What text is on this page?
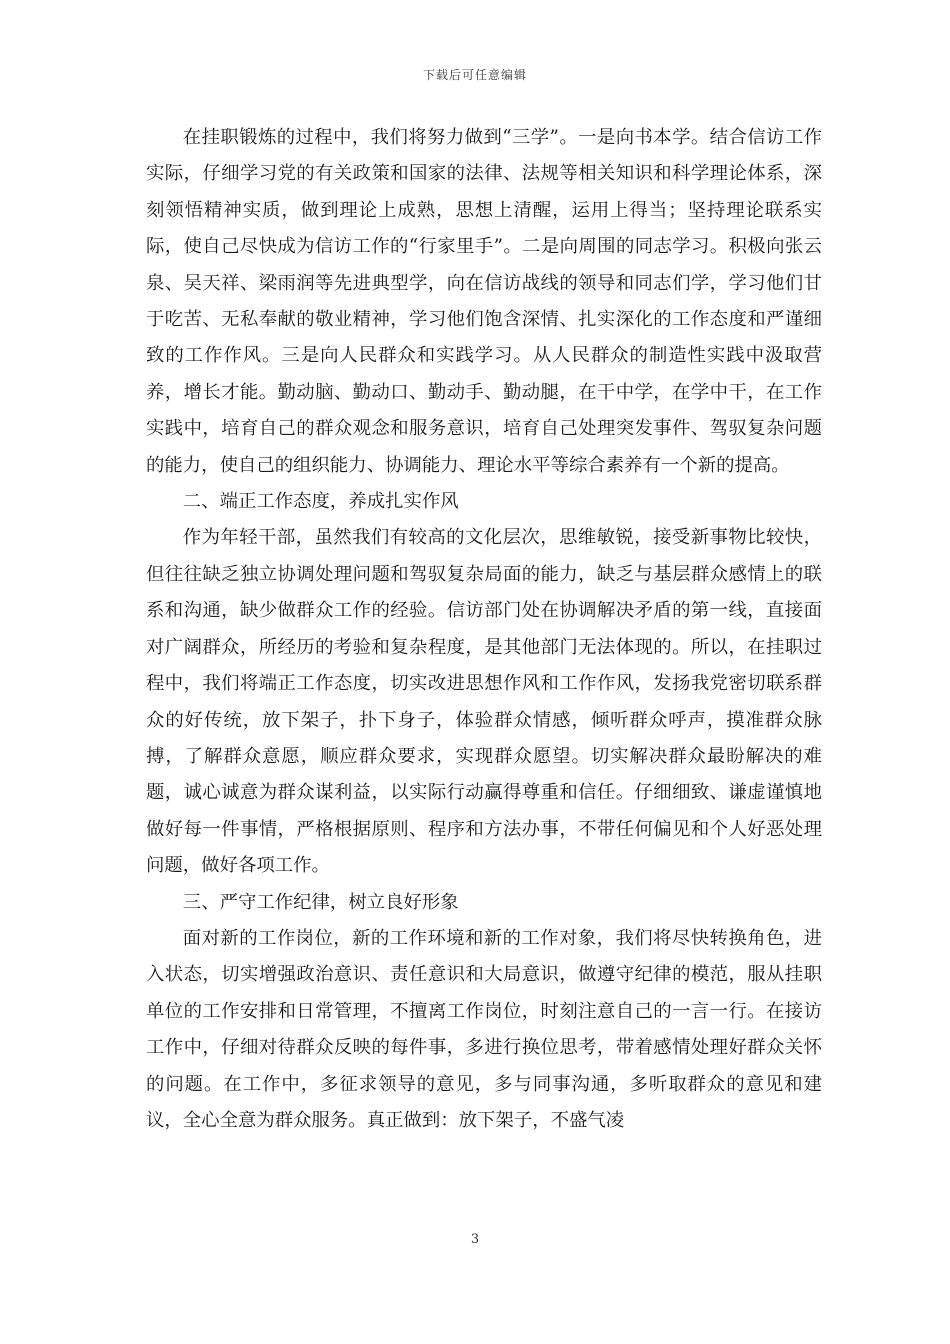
下载后可任意编辑

在挂职锻炼的过程中，我们将努力做到“三学”。一是向书本学。结合信访工作实际，仔细学习党的有关政策和国家的法律、法规等相关知识和科学理论体系，深刻领悟精神实质，做到理论上成熟，思想上清醒，运用上得当；坚持理论联系实际，使自己尽快成为信访工作的“行家里手”。二是向周围的同志学习。积极向张云泉、吴天祥、梁雨润等先进典型学，向在信访战线的领导和同志们学，学习他们甘于吃苦、无私奉献的敬业精神，学习他们饱含深情、扎实深化的工作态度和严谨细致的工作作风。三是向人民群众和实践学习。从人民群众的制造性实践中汲取营养，增长才能。勤动脑、勤动口、勤动手、勤动腿，在干中学，在学中干，在工作实践中，培育自己的群众观念和服务意识，培育自己处理突发事件、驾驭复杂问题的能力，使自己的组织能力、协调能力、理论水平等综合素养有一个新的提高。

二、端正工作态度，养成扎实作风

作为年轻干部，虽然我们有较高的文化层次，思维敏锐，接受新事物比较快，但往往缺乏独立协调处理问题和驾驭复杂局面的能力，缺乏与基层群众感情上的联系和沟通，缺少做群众工作的经验。信访部门处在协调解决矛盾的第一线，直接面对广阔群众，所经历的考验和复杂程度，是其他部门无法体现的。所以，在挂职过程中，我们将端正工作态度，切实改进思想作风和工作作风，发扬我党密切联系群众的好传统，放下架子，扑下身子，体验群众情感，倾听群众呼声，摸准群众脉搏，了解群众意愿，顺应群众要求，实现群众愿望。切实解决群众最盼解决的难题，诚心诚意为群众谋利益，以实际行动赢得尊重和信任。仔细细致、谦虚谨慎地做好每一件事情，严格根据原则、程序和方法办事，不带任何偏见和个人好恶处理问题，做好各项工作。

三、严守工作纪律，树立良好形象

面对新的工作岗位，新的工作环境和新的工作对象，我们将尽快转换角色，进入状态，切实增强政治意识、责任意识和大局意识，做遵守纪律的模范，服从挂职单位的工作安排和日常管理，不擅离工作岗位，时刻注意自己的一言一行。在接访工作中，仔细对待群众反映的每件事，多进行换位思考，带着感情处理好群众关怀的问题。在工作中，多征求领导的意见，多与同事沟通，多听取群众的意见和建议，全心全意为群众服务。真正做到：放下架子，不盛气凌

3
